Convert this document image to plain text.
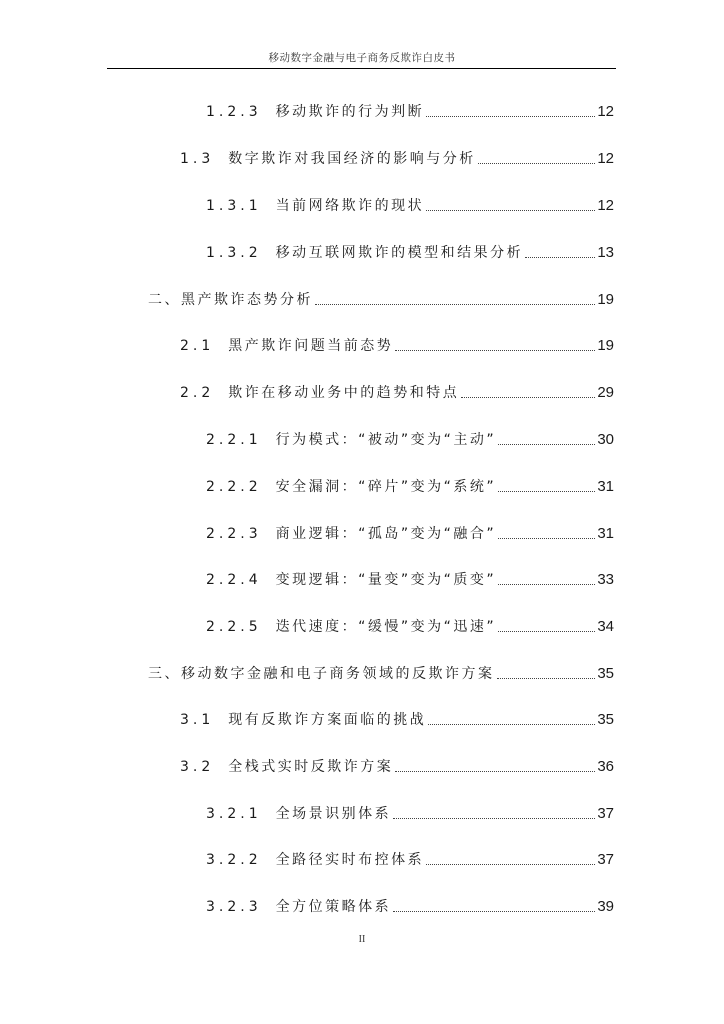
移动数字金融与电子商务反欺诈白皮书
1.2.3 移动欺诈的行为判断	12
1.3 数字欺诈对我国经济的影响与分析	12
1.3.1 当前网络欺诈的现状	12
1.3.2 移动互联网欺诈的模型和结果分析	13
二、黑产欺诈态势分析	19
2.1 黑产欺诈问题当前态势	19
2.2 欺诈在移动业务中的趋势和特点	29
2.2.1 行为模式：“被动”变为“主动”	30
2.2.2 安全漏洞：“碎片”变为“系统”	31
2.2.3 商业逻辑：“孤岛”变为“融合”	31
2.2.4 变现逻辑：“量变”变为“质变”	33
2.2.5 迭代速度：“缓慢”变为“迅速”	34
三、移动数字金融和电子商务领域的反欺诈方案	35
3.1 现有反欺诈方案面临的挑战	35
3.2 全栈式实时反欺诈方案	36
3.2.1 全场景识别体系	37
3.2.2 全路径实时布控体系	37
3.2.3 全方位策略体系	39
II
